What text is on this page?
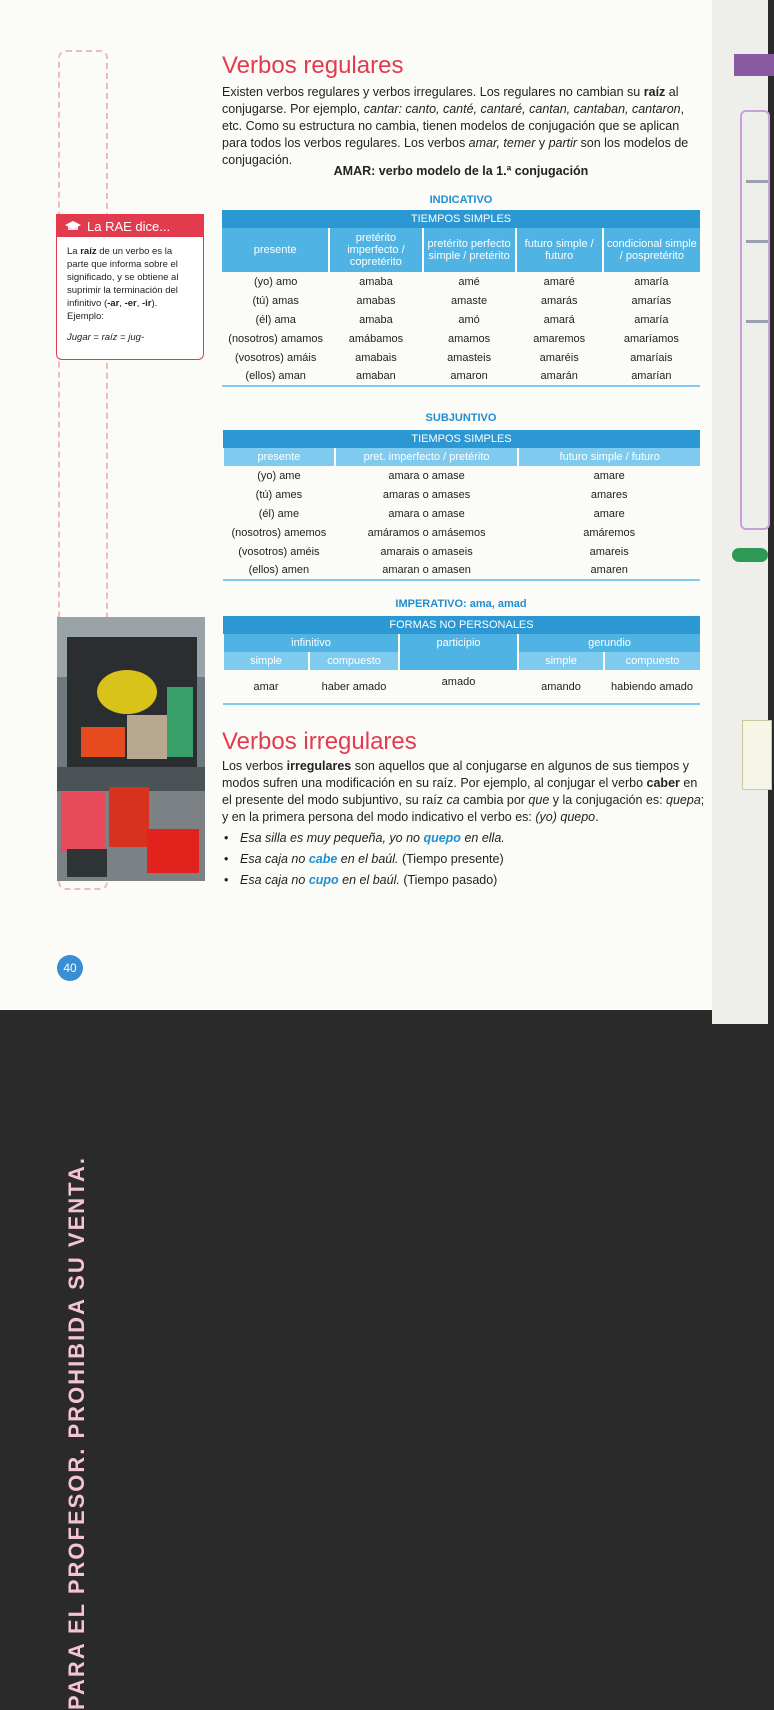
PARA EL PROFESOR. PROHIBIDA SU VENTA.
Verbos regulares
Existen verbos regulares y verbos irregulares. Los regulares no cambian su raíz al conjugarse. Por ejemplo, cantar: canto, canté, cantaré, cantan, cantaban, cantaron, etc. Como su estructura no cambia, tienen modelos de conjugación que se aplican para todos los verbos regulares. Los verbos amar, temer y partir son los modelos de conjugación.
AMAR: verbo modelo de la 1.ª conjugación
INDICATIVO
TIEMPOS SIMPLES				
presente	pretérito imperfecto / copretérito	pretérito perfecto simple / pretérito	futuro simple / futuro	condicional simple / pospretérito
(yo) amo	amaba	amé	amaré	amaría
(tú) amas	amabas	amaste	amarás	amarías
(él) ama	amaba	amó	amará	amaría
(nosotros) amamos	amábamos	amamos	amaremos	amaríamos
(vosotros) amáis	amabais	amasteis	amaréis	amaríais
(ellos) aman	amaban	amaron	amarán	amarían
SUBJUNTIVO
TIEMPOS SIMPLES		
presente	pret. imperfecto / pretérito	futuro simple / futuro
(yo) ame	amara o amase	amare
(tú) ames	amaras o amases	amares
(él) ame	amara o amase	amare
(nosotros) amemos	amáramos o amásemos	amáremos
(vosotros) améis	amarais o amaseis	amareis
(ellos) amen	amaran o amasen	amaren
IMPERATIVO: ama, amad
FORMAS NO PERSONALES				
infinitivo		participio	gerundio	
simple	compuesto		simple	compuesto
amar	haber amado	amado	amando	habiendo amado
La RAE dice...
La raíz de un verbo es la parte que informa sobre el significado, y se obtiene al suprimir la terminación del infinitivo (-ar, -er, -ir). Ejemplo:
Jugar = raíz = jug-
Verbos irregulares
Los verbos irregulares son aquellos que al conjugarse en algunos de sus tiempos y modos sufren una modificación en su raíz. Por ejemplo, al conjugar el verbo caber en el presente del modo subjuntivo, su raíz ca cambia por que y la conjugación es: quepa; y en la primera persona del modo indicativo el verbo es: (yo) quepo.
• Esa silla es muy pequeña, yo no quepo en ella.
• Esa caja no cabe en el baúl. (Tiempo presente)
• Esa caja no cupo en el baúl. (Tiempo pasado)
40
